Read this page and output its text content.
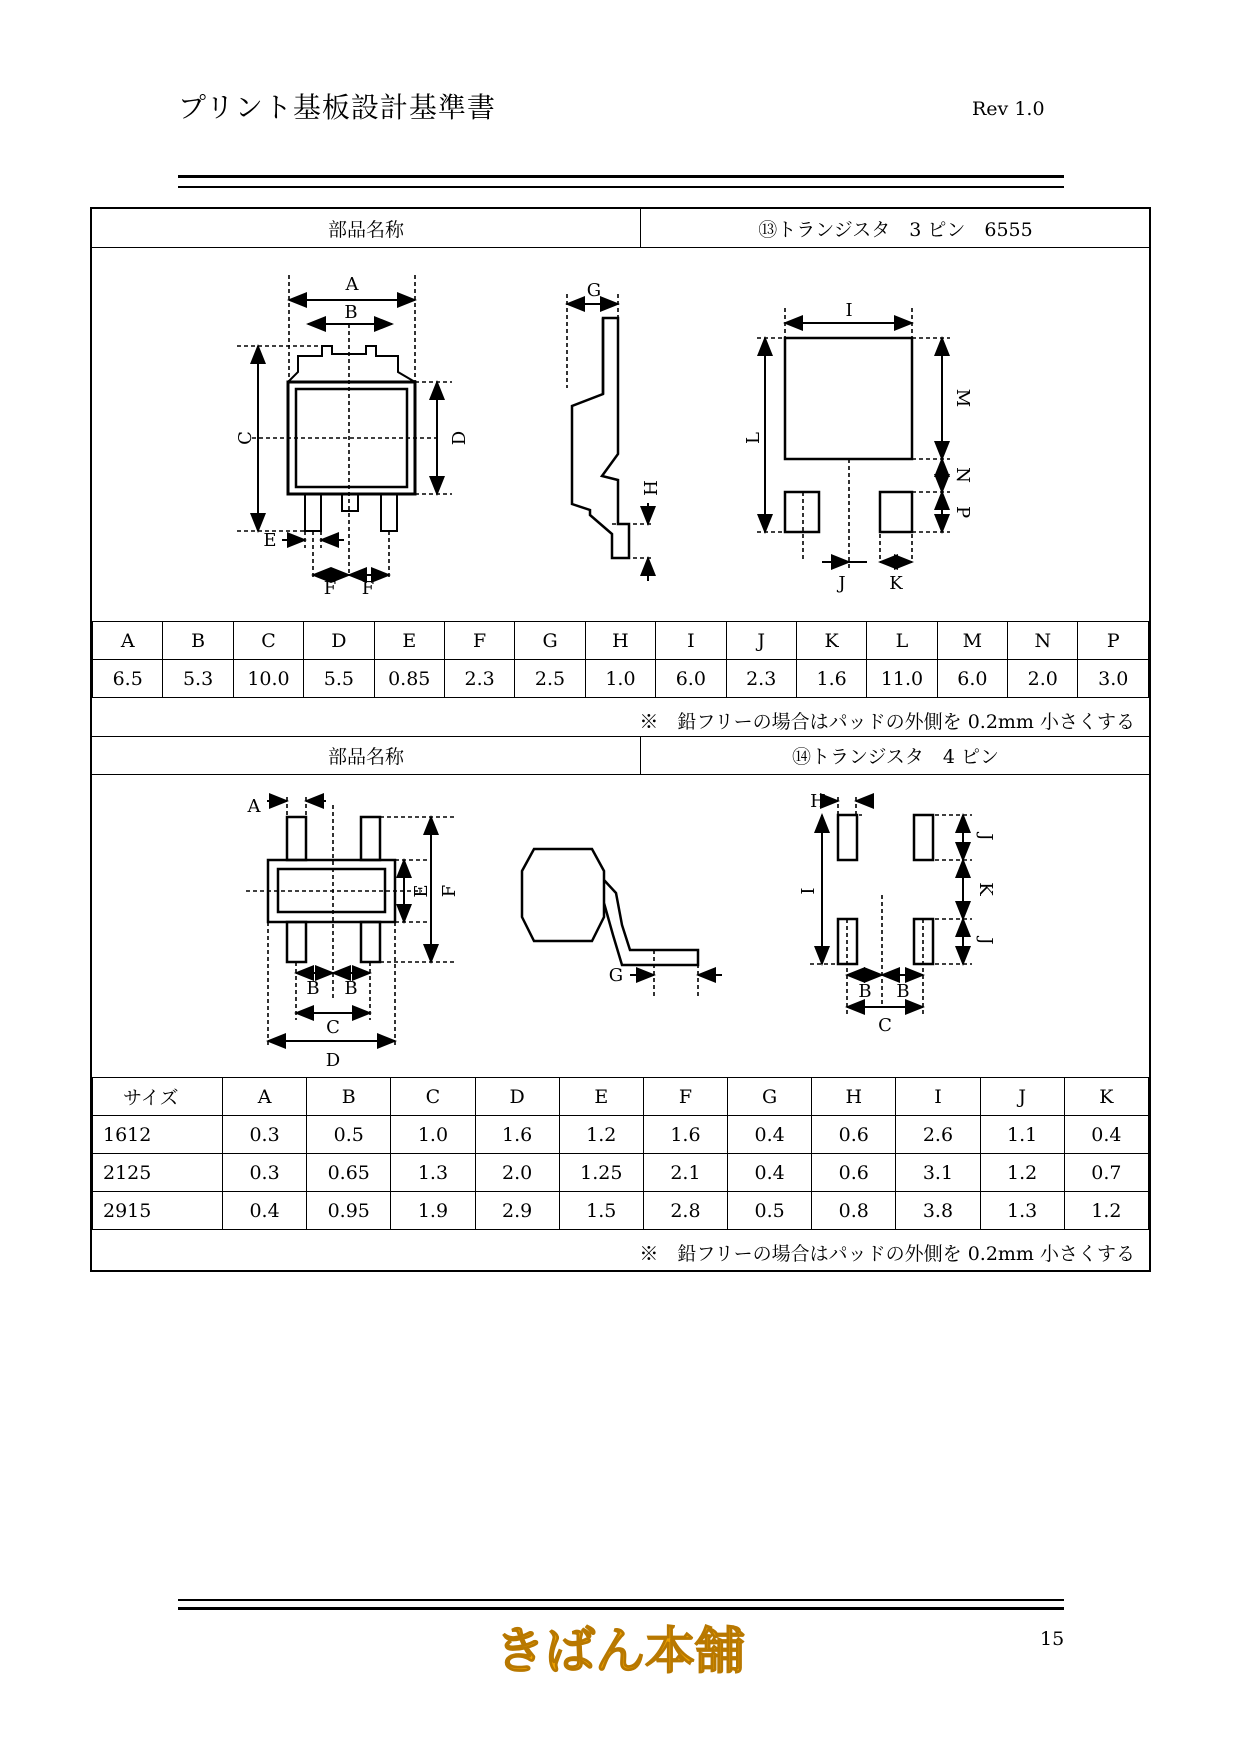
プリント基板設計基準書	Rev 1.0
部品名称	⑬トランジスタ　3 ピン　6555
A
B
C	D
E
F F
G
H
I
L
M
N
P
J K
A	B	C	D	E	F	G	H	I	J	K	L	M	N	P
6.5	5.3	10.0	5.5	0.85	2.3	2.5	1.0	6.0	2.3	1.6	11.0	6.0	2.0	3.0
※　鉛フリーの場合はパッドの外側を 0.2mm 小さくする
部品名称	⑭トランジスタ　4 ピン
A
B B
C
D
E F
G
H
I
J
K
J
B B
C
サイズ	A	B	C	D	E	F	G	H	I	J	K
1612	0.3	0.5	1.0	1.6	1.2	1.6	0.4	0.6	2.6	1.1	0.4
2125	0.3	0.65	1.3	2.0	1.25	2.1	0.4	0.6	3.1	1.2	0.7
2915	0.4	0.95	1.9	2.9	1.5	2.8	0.5	0.8	3.8	1.3	1.2
※　鉛フリーの場合はパッドの外側を 0.2mm 小さくする
きばん本舗	15
